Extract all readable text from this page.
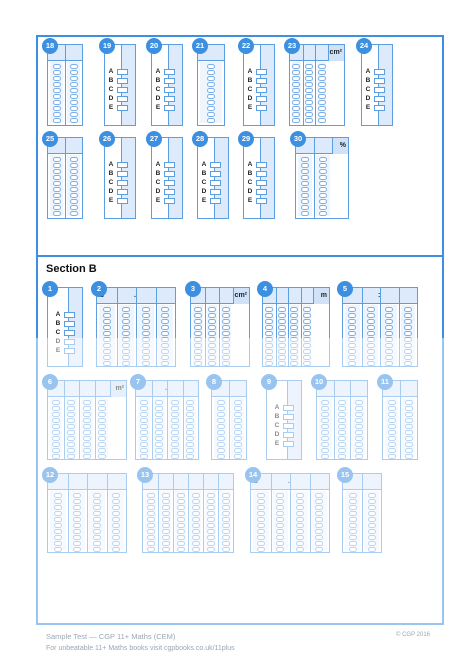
Section B
18
A
B
C
D
E
19
A
B
C
D
E
20	21
A
B
C
D
E
22
cm²
23
A
B
C
D
E
24
25
A
B
C
D
E
26
A
B
C
D
E
27
A
B
C
D
E
28
A
B
C
D
E
29
%
30
A
B
C
D
E
1
.
2
cm²
3
m
4
:
5
m²
6
.
7	8
A
B
C
D
E
9	10	11
12	13
.
14	15
Sample Test — CGP 11+ Maths (CEM)
For unbeatable 11+ Maths books visit cgpbooks.co.uk/11plus
© CGP 2016
